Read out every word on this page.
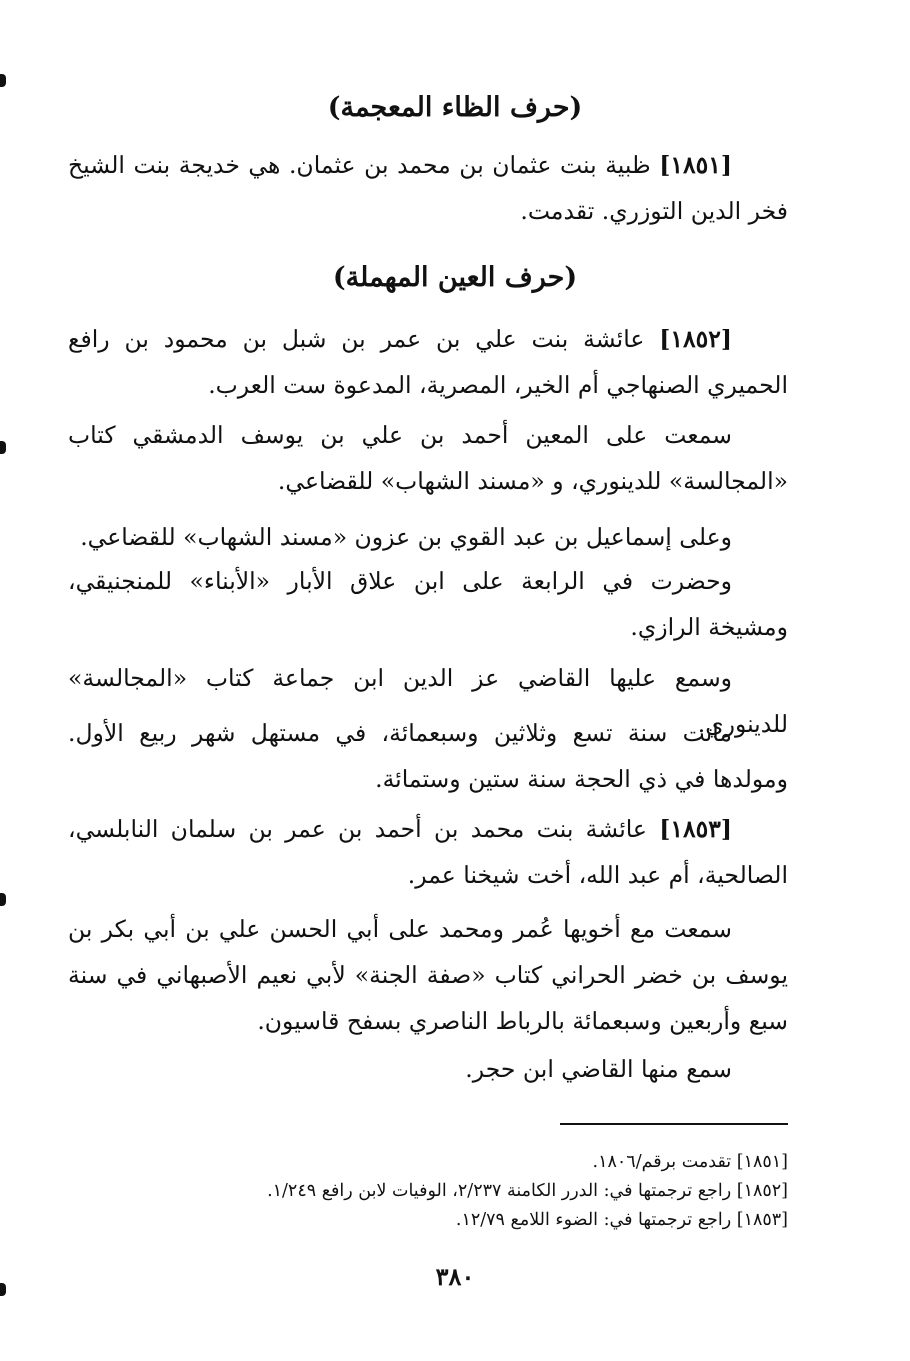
(حرف الظاء المعجمة)
[١٨٥١] ظبية بنت عثمان بن محمد بن عثمان. هي خديجة بنت الشيخ فخر الدين التوزري. تقدمت.
(حرف العين المهملة)
[١٨٥٢] عائشة بنت علي بن عمر بن شبل بن محمود بن رافع الحميري الصنهاجي أم الخير، المصرية، المدعوة ست العرب.
سمعت على المعين أحمد بن علي بن يوسف الدمشقي كتاب «المجالسة» للدينوري، و «مسند الشهاب» للقضاعي.
وعلى إسماعيل بن عبد القوي بن عزون «مسند الشهاب» للقضاعي.
وحضرت في الرابعة على ابن علاق الأبار «الأبناء» للمنجنيقي، ومشيخة الرازي.
وسمع عليها القاضي عز الدين ابن جماعة كتاب «المجالسة» للدينوري.
ماتت سنة تسع وثلاثين وسبعمائة، في مستهل شهر ربيع الأول. ومولدها في ذي الحجة سنة ستين وستمائة.
[١٨٥٣] عائشة بنت محمد بن أحمد بن عمر بن سلمان النابلسي، الصالحية، أم عبد الله، أخت شيخنا عمر.
سمعت مع أخويها عُمر ومحمد على أبي الحسن علي بن أبي بكر بن يوسف بن خضر الحراني كتاب «صفة الجنة» لأبي نعيم الأصبهاني في سنة سبع وأربعين وسبعمائة بالرباط الناصري بسفح قاسيون.
سمع منها القاضي ابن حجر.

[١٨٥١] تقدمت برقم/١٨٠٦.

[١٨٥٢] راجع ترجمتها في: الدرر الكامنة ٢/٢٣٧، الوفيات لابن رافع ١/٢٤٩.

[١٨٥٣] راجع ترجمتها في: الضوء اللامع ١٢/٧٩.

٣٨٠
